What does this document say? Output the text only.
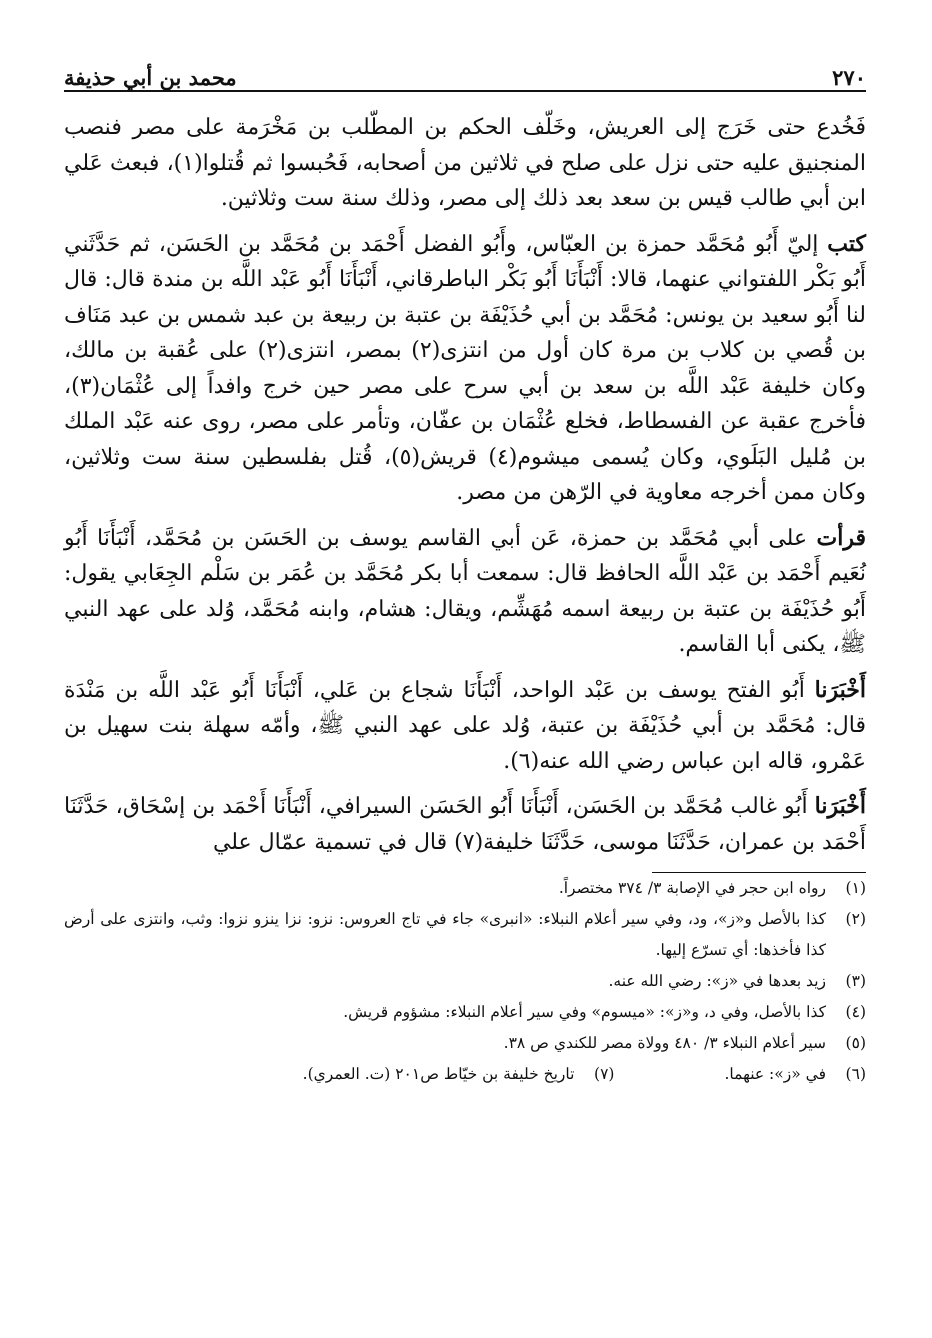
٢٧٠
محمد بن أبي حذيفة

فَخُدع حتى خَرَج إلى العريش، وخَلّف الحكم بن المطّلب بن مَخْرَمة على مصر فنصب المنجنيق عليه حتى نزل على صلح في ثلاثين من أصحابه، فَحُبسوا ثم قُتلوا(١)، فبعث عَلي ابن أبي طالب قيس بن سعد بعد ذلك إلى مصر، وذلك سنة ست وثلاثين.

كتب إليّ أَبُو مُحَمَّد حمزة بن العبّاس، وأَبُو الفضل أَحْمَد بن مُحَمَّد بن الحَسَن، ثم حَدَّثَني أَبُو بَكْر اللفتواني عنهما، قالا: أَنْبَأَنَا أَبُو بَكْر الباطرقاني، أَنْبَأَنَا أَبُو عَبْد اللَّه بن مندة قال: قال لنا أَبُو سعيد بن يونس: مُحَمَّد بن أبي حُذَيْفَة بن عتبة بن ربيعة بن عبد شمس بن عبد مَنَاف بن قُصي بن كلاب بن مرة كان أول من انتزى(٢) بمصر، انتزى(٢) على عُقبة بن مالك، وكان خليفة عَبْد اللَّه بن سعد بن أبي سرح على مصر حين خرج وافداً إلى عُثْمَان(٣)، فأخرج عقبة عن الفسطاط، فخلع عُثْمَان بن عفّان، وتأمر على مصر، روى عنه عَبْد الملك بن مُليل البَلَوي، وكان يُسمى ميشوم(٤) قريش(٥)، قُتل بفلسطين سنة ست وثلاثين، وكان ممن أخرجه معاوية في الرّهن من مصر.

قرأت على أبي مُحَمَّد بن حمزة، عَن أبي القاسم يوسف بن الحَسَن بن مُحَمَّد، أَنْبَأَنَا أَبُو نُعَيم أَحْمَد بن عَبْد اللَّه الحافظ قال: سمعت أبا بكر مُحَمَّد بن عُمَر بن سَلْم الجِعَابي يقول: أَبُو حُذَيْفَة بن عتبة بن ربيعة اسمه مُهَشِّم، ويقال: هشام، وابنه مُحَمَّد، وُلد على عهد النبي ﷺ، يكنى أبا القاسم.

أَخْبَرَنا أَبُو الفتح يوسف بن عَبْد الواحد، أَنْبَأَنَا شجاع بن عَلي، أَنْبَأَنَا أَبُو عَبْد اللَّه بن مَنْدَة قال: مُحَمَّد بن أبي حُذَيْفَة بن عتبة، وُلد على عهد النبي ﷺ، وأمّه سهلة بنت سهيل بن عَمْرو، قاله ابن عباس رضي الله عنه(٦).

أَخْبَرَنا أَبُو غالب مُحَمَّد بن الحَسَن، أَنْبَأَنَا أَبُو الحَسَن السيرافي، أَنْبَأَنَا أَحْمَد بن إسْحَاق، حَدَّثَنَا أَحْمَد بن عمران، حَدَّثَنَا موسى، حَدَّثَنَا خليفة(٧) قال في تسمية عمّال علي

(١)
رواه ابن حجر في الإصابة ٣/ ٣٧٤ مختصراً.
(٢)
كذا بالأصل و«ز»، ود، وفي سير أعلام النبلاء: «انبرى» جاء في تاج العروس: نزو: نزا ينزو نزوا: وثب، وانتزى على أرض كذا فأخذها: أي تسرّع إليها.
(٣)
زيد بعدها في «ز»: رضي الله عنه.
(٤)
كذا بالأصل، وفي د، و«ز»: «ميسوم» وفي سير أعلام النبلاء: مشؤوم قريش.
(٥)
سير أعلام النبلاء ٣/ ٤٨٠ وولاة مصر للكندي ص ٣٨.
(٦)
في «ز»: عنهما.
(٧)
تاريخ خليفة بن خيّاط ص٢٠١ (ت. العمري).
